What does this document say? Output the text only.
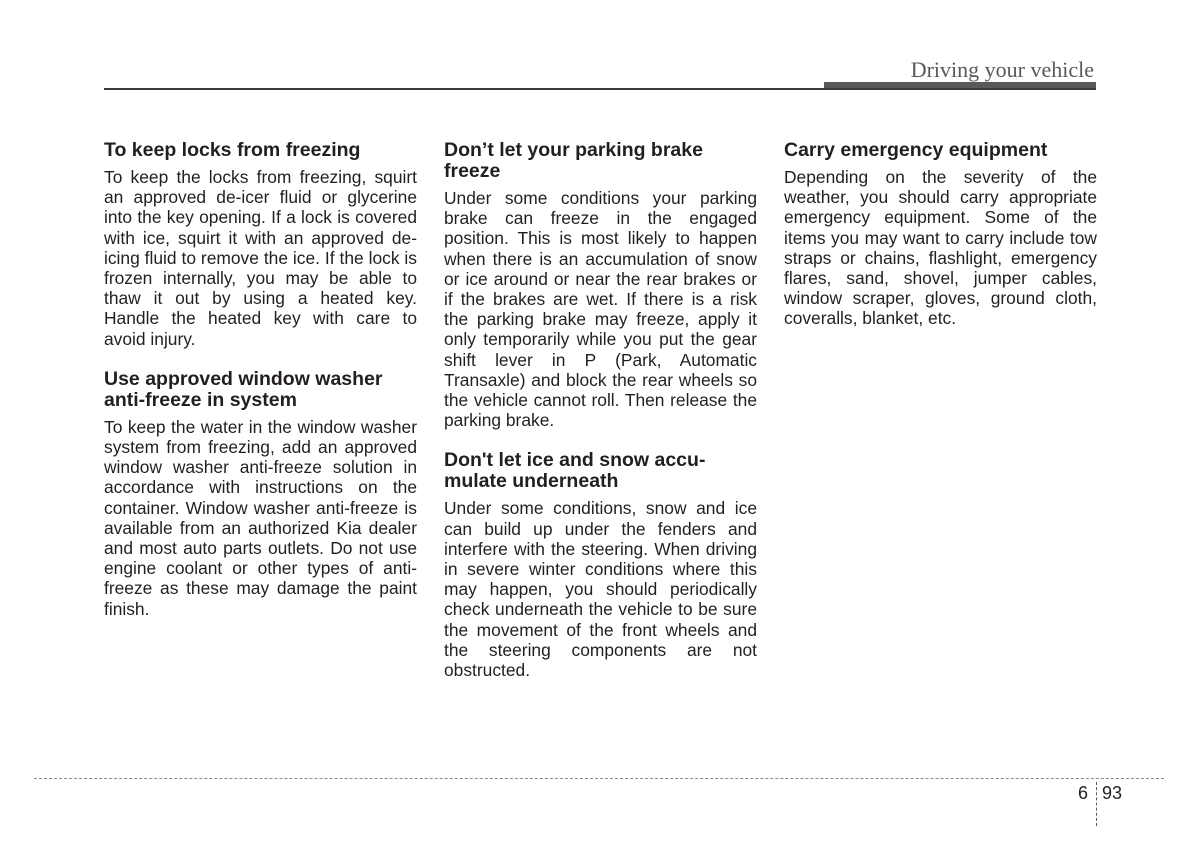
Driving your vehicle
To keep locks from freezing

To keep the locks from freezing, squirt an approved de-icer fluid or glycerine into the key opening. If a lock is covered with ice, squirt it with an approved de-icing fluid to remove the ice. If the lock is frozen internally, you may be able to thaw it out by using a heated key. Handle the heated key with care to avoid injury.

Use approved window washer anti-freeze in system

To keep the water in the window washer system from freezing, add an approved window washer anti-freeze solution in accordance with instructions on the container. Window washer anti-freeze is available from an authorized Kia dealer and most auto parts outlets. Do not use engine coolant or other types of anti-freeze as these may damage the paint finish.

Don’t let your parking brake freeze

Under some conditions your parking brake can freeze in the engaged position. This is most likely to happen when there is an accumulation of snow or ice around or near the rear brakes or if the brakes are wet. If there is a risk the parking brake may freeze, apply it only temporarily while you put the gear shift lever in P (Park, Automatic Transaxle) and block the rear wheels so the vehicle cannot roll. Then release the parking brake.

Don't let ice and snow accumulate underneath

Under some conditions, snow and ice can build up under the fenders and interfere with the steering. When driving in severe winter conditions where this may happen, you should periodically check underneath the vehicle to be sure the movement of the front wheels and the steering components are not obstructed.

Carry emergency equipment

Depending on the severity of the weather, you should carry appropriate emergency equipment. Some of the items you may want to carry include tow straps or chains, flashlight, emergency flares, sand, shovel, jumper cables, window scraper, gloves, ground cloth, coveralls, blanket, etc.

6 93
